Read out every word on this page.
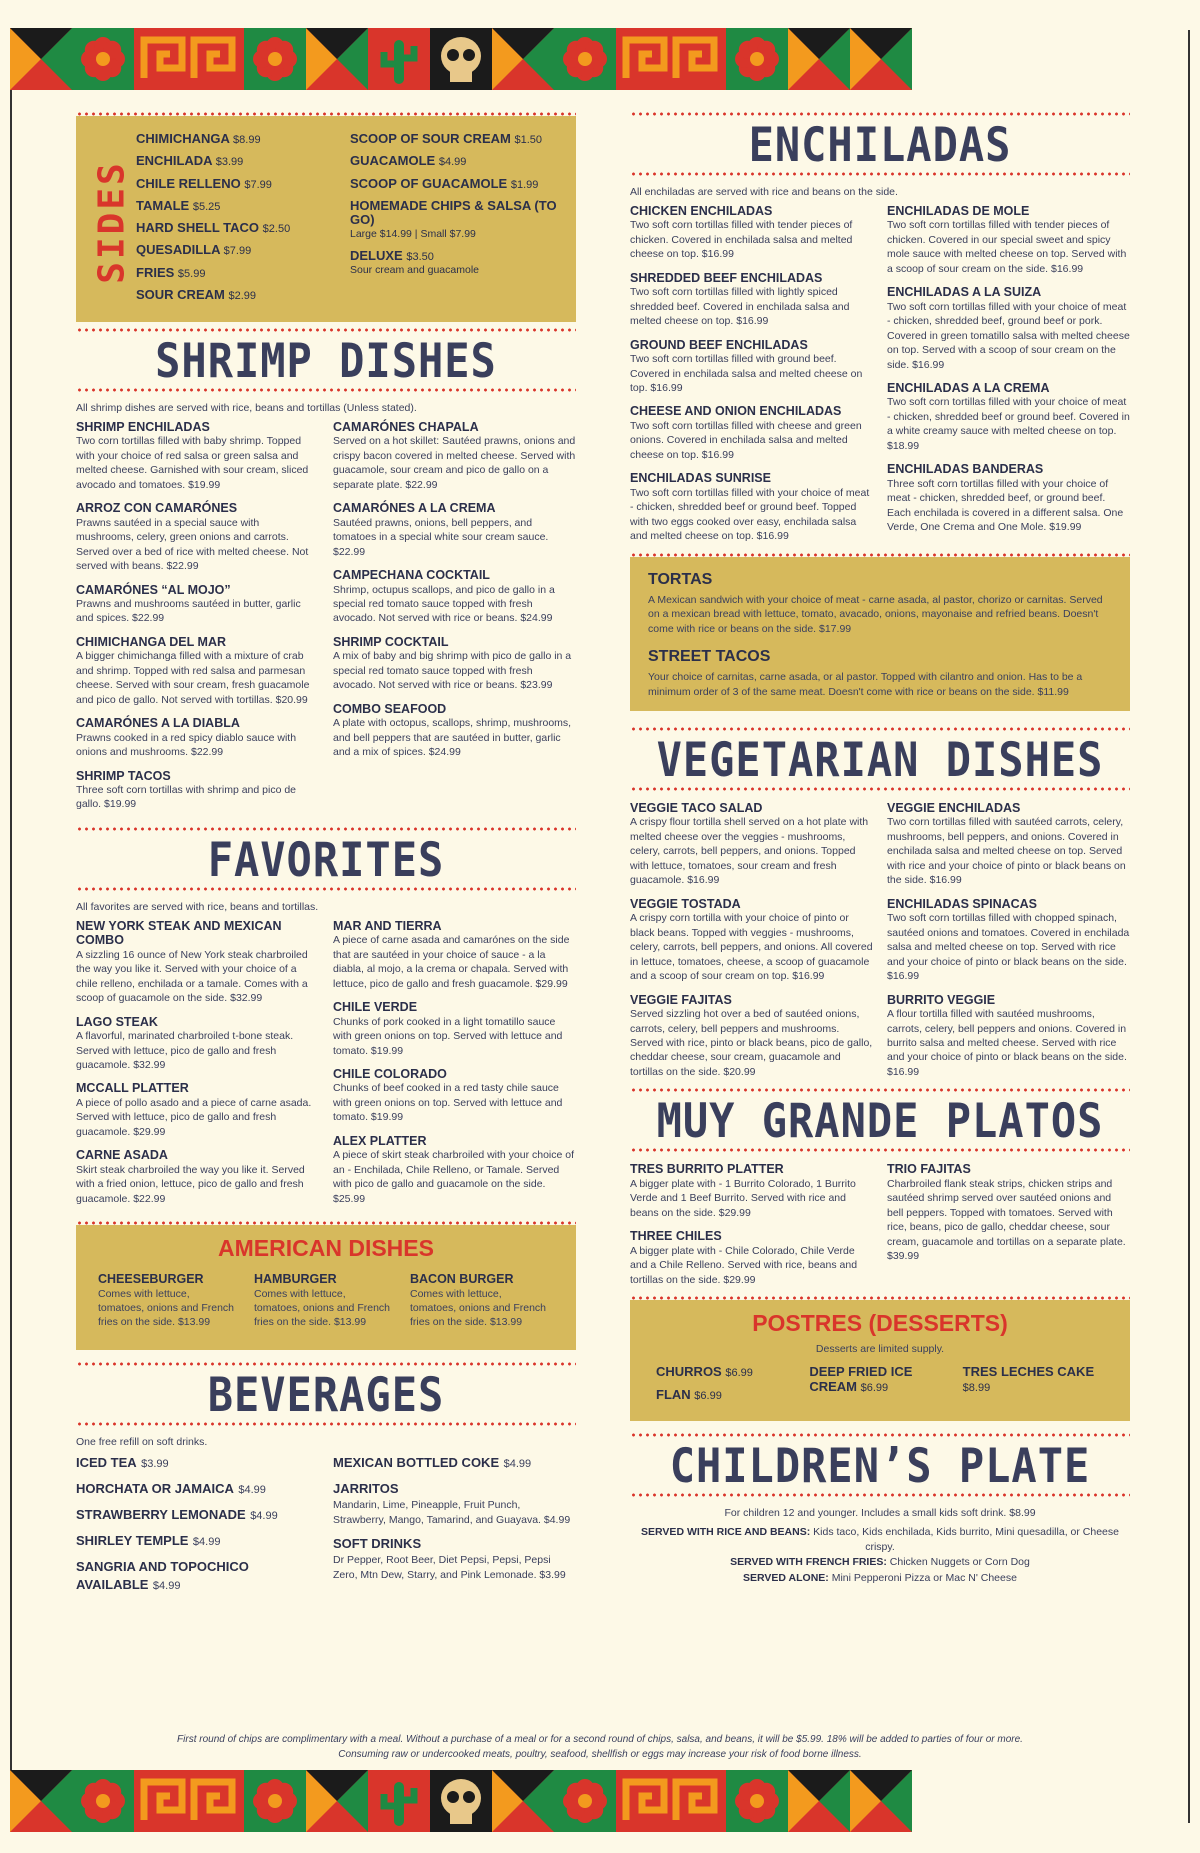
SIDES
CHIMICHANGA $8.99
ENCHILADA $3.99
CHILE RELLENO $7.99
TAMALE $5.25
HARD SHELL TACO $2.50
QUESADILLA $7.99
FRIES $5.99
SOUR CREAM $2.99
SCOOP OF SOUR CREAM $1.50
GUACAMOLE $4.99
SCOOP OF GUACAMOLE $1.99
HOMEMADE CHIPS & SALSA (TO GO)
Large $14.99 | Small $7.99
DELUXE $3.50
Sour cream and guacamole
SHRIMP DISHES
All shrimp dishes are served with rice, beans and tortillas (Unless stated).
SHRIMP ENCHILADAS
Two corn tortillas filled with baby shrimp. Topped with your choice of red salsa or green salsa and melted cheese. Garnished with sour cream, sliced avocado and tomatoes. $19.99
ARROZ CON CAMARÓNES
Prawns sautéed in a special sauce with mushrooms, celery, green onions and carrots. Served over a bed of rice with melted cheese. Not served with beans. $22.99
CAMARÓNES “AL MOJO”
Prawns and mushrooms sautéed in butter, garlic and spices. $22.99
CHIMICHANGA DEL MAR
A bigger chimichanga filled with a mixture of crab and shrimp. Topped with red salsa and parmesan cheese. Served with sour cream, fresh guacamole and pico de gallo. Not served with tortillas. $20.99
CAMARÓNES A LA DIABLA
Prawns cooked in a red spicy diablo sauce with onions and mushrooms. $22.99
SHRIMP TACOS
Three soft corn tortillas with shrimp and pico de gallo. $19.99
CAMARÓNES CHAPALA
Served on a hot skillet: Sautéed prawns, onions and crispy bacon covered in melted cheese. Served with guacamole, sour cream and pico de gallo on a separate plate. $22.99
CAMARÓNES A LA CREMA
Sautéed prawns, onions, bell peppers, and tomatoes in a special white sour cream sauce. $22.99
CAMPECHANA COCKTAIL
Shrimp, octupus scallops, and pico de gallo in a special red tomato sauce topped with fresh avocado. Not served with rice or beans. $24.99
SHRIMP COCKTAIL
A mix of baby and big shrimp with pico de gallo in a special red tomato sauce topped with fresh avocado. Not served with rice or beans. $23.99
COMBO SEAFOOD
A plate with octopus, scallops, shrimp, mushrooms, and bell peppers that are sautéed in butter, garlic and a mix of spices. $24.99
FAVORITES
All favorites are served with rice, beans and tortillas.
NEW YORK STEAK AND MEXICAN COMBO
A sizzling 16 ounce of New York steak charbroiled the way you like it. Served with your choice of a chile relleno, enchilada or a tamale. Comes with a scoop of guacamole on the side. $32.99
LAGO STEAK
A flavorful, marinated charbroiled t-bone steak. Served with lettuce, pico de gallo and fresh guacamole. $32.99
MCCALL PLATTER
A piece of pollo asado and a piece of carne asada. Served with lettuce, pico de gallo and fresh guacamole. $29.99
CARNE ASADA
Skirt steak charbroiled the way you like it. Served with a fried onion, lettuce, pico de gallo and fresh guacamole. $22.99
MAR AND TIERRA
A piece of carne asada and camarónes on the side that are sautéed in your choice of sauce - a la diabla, al mojo, a la crema or chapala. Served with lettuce, pico de gallo and fresh guacamole. $29.99
CHILE VERDE
Chunks of pork cooked in a light tomatillo sauce with green onions on top. Served with lettuce and tomato. $19.99
CHILE COLORADO
Chunks of beef cooked in a red tasty chile sauce with green onions on top. Served with lettuce and tomato. $19.99
ALEX PLATTER
A piece of skirt steak charbroiled with your choice of an - Enchilada, Chile Relleno, or Tamale. Served with pico de gallo and guacamole on the side. $25.99
AMERICAN DISHES
CHEESEBURGER
Comes with lettuce, tomatoes, onions and French fries on the side. $13.99
HAMBURGER
Comes with lettuce, tomatoes, onions and French fries on the side. $13.99
BACON BURGER
Comes with lettuce, tomatoes, onions and French fries on the side. $13.99
BEVERAGES
One free refill on soft drinks.
ICED TEA $3.99
HORCHATA OR JAMAICA $4.99
STRAWBERRY LEMONADE $4.99
SHIRLEY TEMPLE $4.99
SANGRIA AND TOPOCHICO AVAILABLE $4.99
MEXICAN BOTTLED COKE $4.99
JARRITOS
Mandarin, Lime, Pineapple, Fruit Punch, Strawberry, Mango, Tamarind, and Guayava. $4.99
SOFT DRINKS
Dr Pepper, Root Beer, Diet Pepsi, Pepsi, Pepsi Zero, Mtn Dew, Starry, and Pink Lemonade. $3.99
ENCHILADAS
All enchiladas are served with rice and beans on the side.
CHICKEN ENCHILADAS
Two soft corn tortillas filled with tender pieces of chicken. Covered in enchilada salsa and melted cheese on top. $16.99
SHREDDED BEEF ENCHILADAS
Two soft corn tortillas filled with lightly spiced shredded beef. Covered in enchilada salsa and melted cheese on top. $16.99
GROUND BEEF ENCHILADAS
Two soft corn tortillas filled with ground beef. Covered in enchilada salsa and melted cheese on top. $16.99
CHEESE AND ONION ENCHILADAS
Two soft corn tortillas filled with cheese and green onions. Covered in enchilada salsa and melted cheese on top. $16.99
ENCHILADAS SUNRISE
Two soft corn tortillas filled with your choice of meat - chicken, shredded beef or ground beef. Topped with two eggs cooked over easy, enchilada salsa and melted cheese on top. $16.99
ENCHILADAS DE MOLE
Two soft corn tortillas filled with tender pieces of chicken. Covered in our special sweet and spicy mole sauce with melted cheese on top. Served with a scoop of sour cream on the side. $16.99
ENCHILADAS A LA SUIZA
Two soft corn tortillas filled with your choice of meat - chicken, shredded beef, ground beef or pork. Covered in green tomatillo salsa with melted cheese on top. Served with a scoop of sour cream on the side. $16.99
ENCHILADAS A LA CREMA
Two soft corn tortillas filled with your choice of meat - chicken, shredded beef or ground beef. Covered in a white creamy sauce with melted cheese on top. $18.99
ENCHILADAS BANDERAS
Three soft corn tortillas filled with your choice of meat - chicken, shredded beef, or ground beef. Each enchilada is covered in a different salsa. One Verde, One Crema and One Mole. $19.99
TORTAS
A Mexican sandwich with your choice of meat - carne asada, al pastor, chorizo or carnitas. Served on a mexican bread with lettuce, tomato, avacado, onions, mayonaise and refried beans. Doesn't come with rice or beans on the side. $17.99
STREET TACOS
Your choice of carnitas, carne asada, or al pastor. Topped with cilantro and onion. Has to be a minimum order of 3 of the same meat. Doesn't come with rice or beans on the side. $11.99
VEGETARIAN DISHES
VEGGIE TACO SALAD
A crispy flour tortilla shell served on a hot plate with melted cheese over the veggies - mushrooms, celery, carrots, bell peppers, and onions. Topped with lettuce, tomatoes, sour cream and fresh guacamole. $16.99
VEGGIE TOSTADA
A crispy corn tortilla with your choice of pinto or black beans. Topped with veggies - mushrooms, celery, carrots, bell peppers, and onions. All covered in lettuce, tomatoes, cheese, a scoop of guacamole and a scoop of sour cream on top. $16.99
VEGGIE FAJITAS
Served sizzling hot over a bed of sautéed onions, carrots, celery, bell peppers and mushrooms. Served with rice, pinto or black beans, pico de gallo, cheddar cheese, sour cream, guacamole and tortillas on the side. $20.99
VEGGIE ENCHILADAS
Two corn tortillas filled with sautéed carrots, celery, mushrooms, bell peppers, and onions. Covered in enchilada salsa and melted cheese on top. Served with rice and your choice of pinto or black beans on the side. $16.99
ENCHILADAS SPINACAS
Two soft corn tortillas filled with chopped spinach, sautéed onions and tomatoes. Covered in enchilada salsa and melted cheese on top. Served with rice and your choice of pinto or black beans on the side. $16.99
BURRITO VEGGIE
A flour tortilla filled with sautéed mushrooms, carrots, celery, bell peppers and onions. Covered in burrito salsa and melted cheese. Served with rice and your choice of pinto or black beans on the side. $16.99
MUY GRANDE PLATOS
TRES BURRITO PLATTER
A bigger plate with - 1 Burrito Colorado, 1 Burrito Verde and 1 Beef Burrito. Served with rice and beans on the side. $29.99
THREE CHILES
A bigger plate with - Chile Colorado, Chile Verde and a Chile Relleno. Served with rice, beans and tortillas on the side. $29.99
TRIO FAJITAS
Charbroiled flank steak strips, chicken strips and sautéed shrimp served over sautéed onions and bell peppers. Topped with tomatoes. Served with rice, beans, pico de gallo, cheddar cheese, sour cream, guacamole and tortillas on a separate plate. $39.99
POSTRES (DESSERTS)
Desserts are limited supply.
CHURROS $6.99
FLAN $6.99
DEEP FRIED ICE CREAM $6.99
TRES LECHES CAKE $8.99
CHILDREN’S PLATE
For children 12 and younger. Includes a small kids soft drink. $8.99
SERVED WITH RICE AND BEANS: Kids taco, Kids enchilada, Kids burrito, Mini quesadilla, or Cheese crispy.
SERVED WITH FRENCH FRIES: Chicken Nuggets or Corn Dog
SERVED ALONE: Mini Pepperoni Pizza or Mac N' Cheese
First round of chips are complimentary with a meal. Without a purchase of a meal or for a second round of chips, salsa, and beans, it will be $5.99. 18% will be added to parties of four or more.
Consuming raw or undercooked meats, poultry, seafood, shellfish or eggs may increase your risk of food borne illness.
